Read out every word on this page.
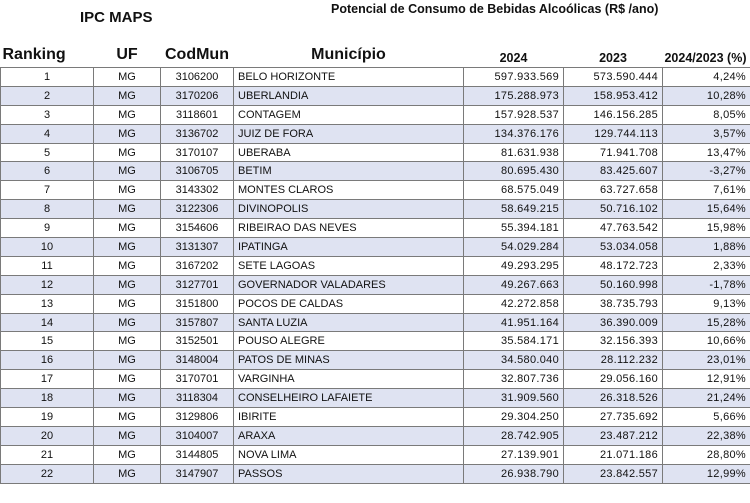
IPC MAPS	Potencial de Consumo de Bebidas Alcoólicas (R$ /ano)
Ranking	UF	CodMun	Município	2024	2023	2024/2023 (%)
1	MG	3106200	BELO HORIZONTE	597.933.569	573.590.444	4,24%
2	MG	3170206	UBERLANDIA	175.288.973	158.953.412	10,28%
3	MG	3118601	CONTAGEM	157.928.537	146.156.285	8,05%
4	MG	3136702	JUIZ DE FORA	134.376.176	129.744.113	3,57%
5	MG	3170107	UBERABA	81.631.938	71.941.708	13,47%
6	MG	3106705	BETIM	80.695.430	83.425.607	-3,27%
7	MG	3143302	MONTES CLAROS	68.575.049	63.727.658	7,61%
8	MG	3122306	DIVINOPOLIS	58.649.215	50.716.102	15,64%
9	MG	3154606	RIBEIRAO DAS NEVES	55.394.181	47.763.542	15,98%
10	MG	3131307	IPATINGA	54.029.284	53.034.058	1,88%
11	MG	3167202	SETE LAGOAS	49.293.295	48.172.723	2,33%
12	MG	3127701	GOVERNADOR VALADARES	49.267.663	50.160.998	-1,78%
13	MG	3151800	POCOS DE CALDAS	42.272.858	38.735.793	9,13%
14	MG	3157807	SANTA LUZIA	41.951.164	36.390.009	15,28%
15	MG	3152501	POUSO ALEGRE	35.584.171	32.156.393	10,66%
16	MG	3148004	PATOS DE MINAS	34.580.040	28.112.232	23,01%
17	MG	3170701	VARGINHA	32.807.736	29.056.160	12,91%
18	MG	3118304	CONSELHEIRO LAFAIETE	31.909.560	26.318.526	21,24%
19	MG	3129806	IBIRITE	29.304.250	27.735.692	5,66%
20	MG	3104007	ARAXA	28.742.905	23.487.212	22,38%
21	MG	3144805	NOVA LIMA	27.139.901	21.071.186	28,80%
22	MG	3147907	PASSOS	26.938.790	23.842.557	12,99%
